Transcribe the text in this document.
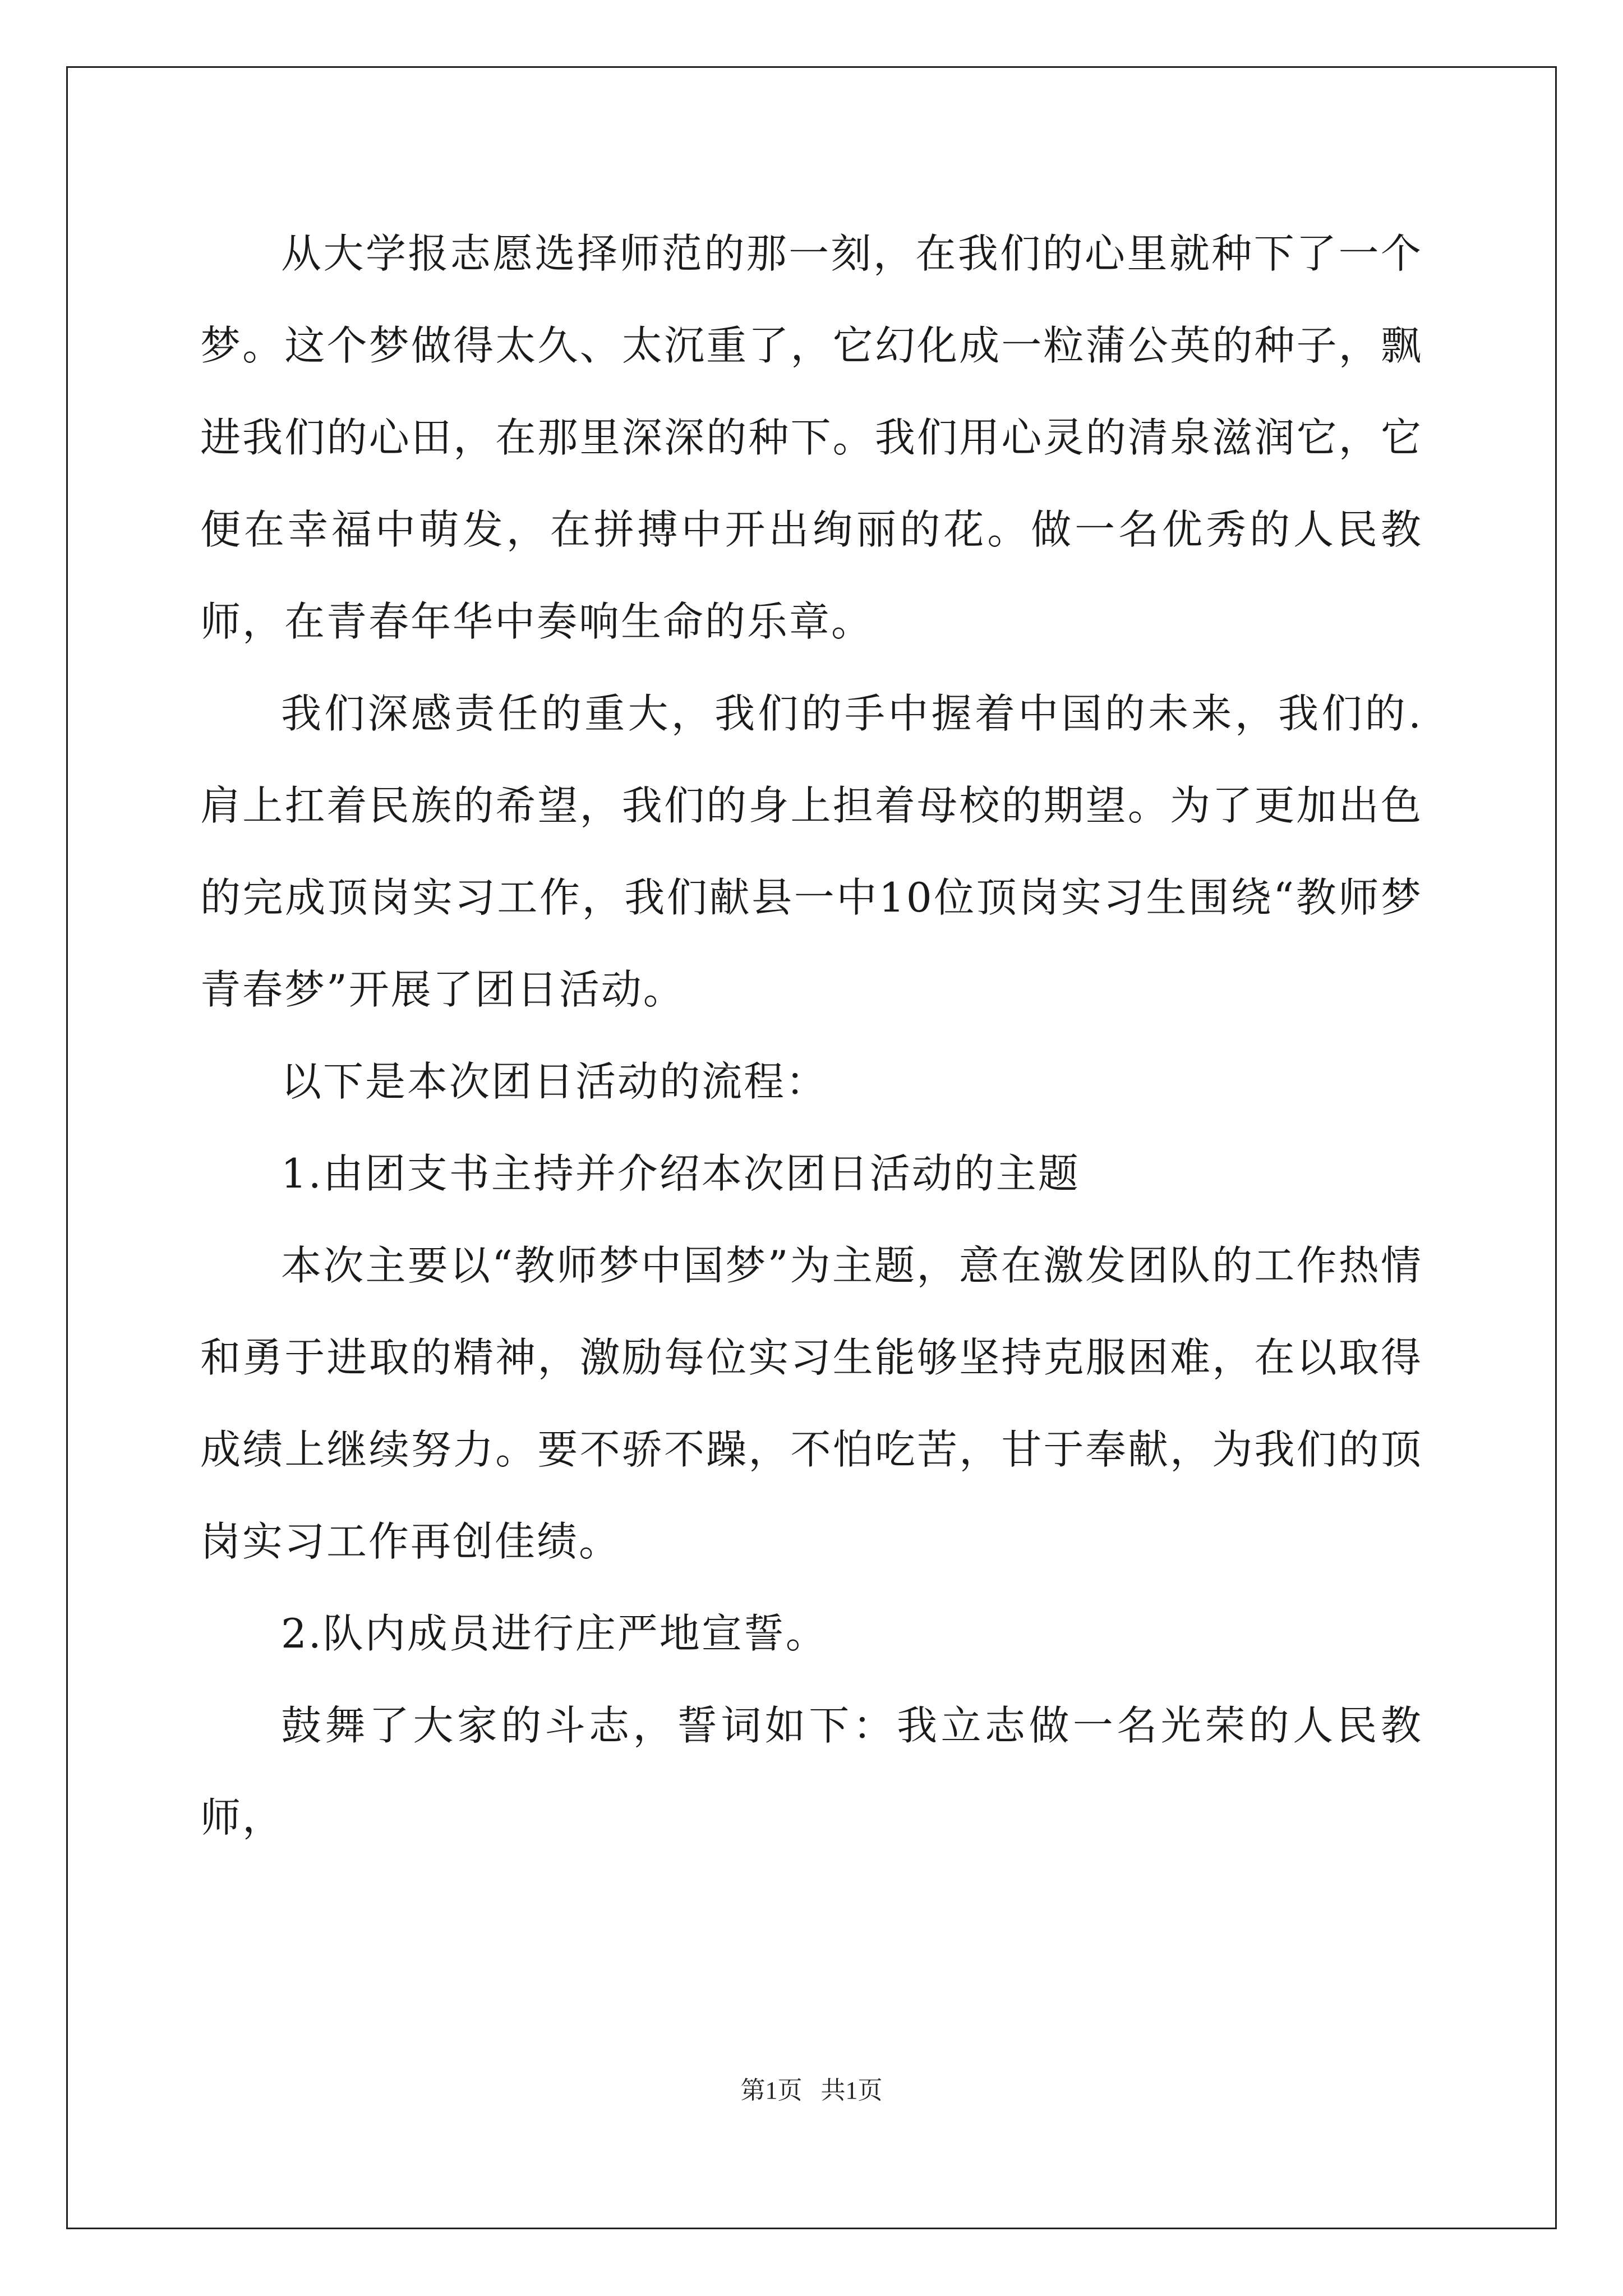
从大学报志愿选择师范的那一刻，在我们的心里就种下了一个梦。这个梦做得太久、太沉重了，它幻化成一粒蒲公英的种子，飘进我们的心田，在那里深深的种下。我们用心灵的清泉滋润它，它便在幸福中萌发，在拼搏中开出绚丽的花。做一名优秀的人民教师，在青春年华中奏响生命的乐章。

我们深感责任的重大，我们的手中握着中国的未来，我们的.肩上扛着民族的希望，我们的身上担着母校的期望。为了更加出色的完成顶岗实习工作，我们献县一中10位顶岗实习生围绕“教师梦 青春梦”开展了团日活动。

以下是本次团日活动的流程：

1.由团支书主持并介绍本次团日活动的主题

本次主要以“教师梦中国梦”为主题，意在激发团队的工作热情和勇于进取的精神，激励每位实习生能够坚持克服困难，在以取得成绩上继续努力。要不骄不躁，不怕吃苦，甘于奉献，为我们的顶岗实习工作再创佳绩。

2.队内成员进行庄严地宣誓。

鼓舞了大家的斗志，誓词如下：我立志做一名光荣的人民教师，

第1页   共1页
